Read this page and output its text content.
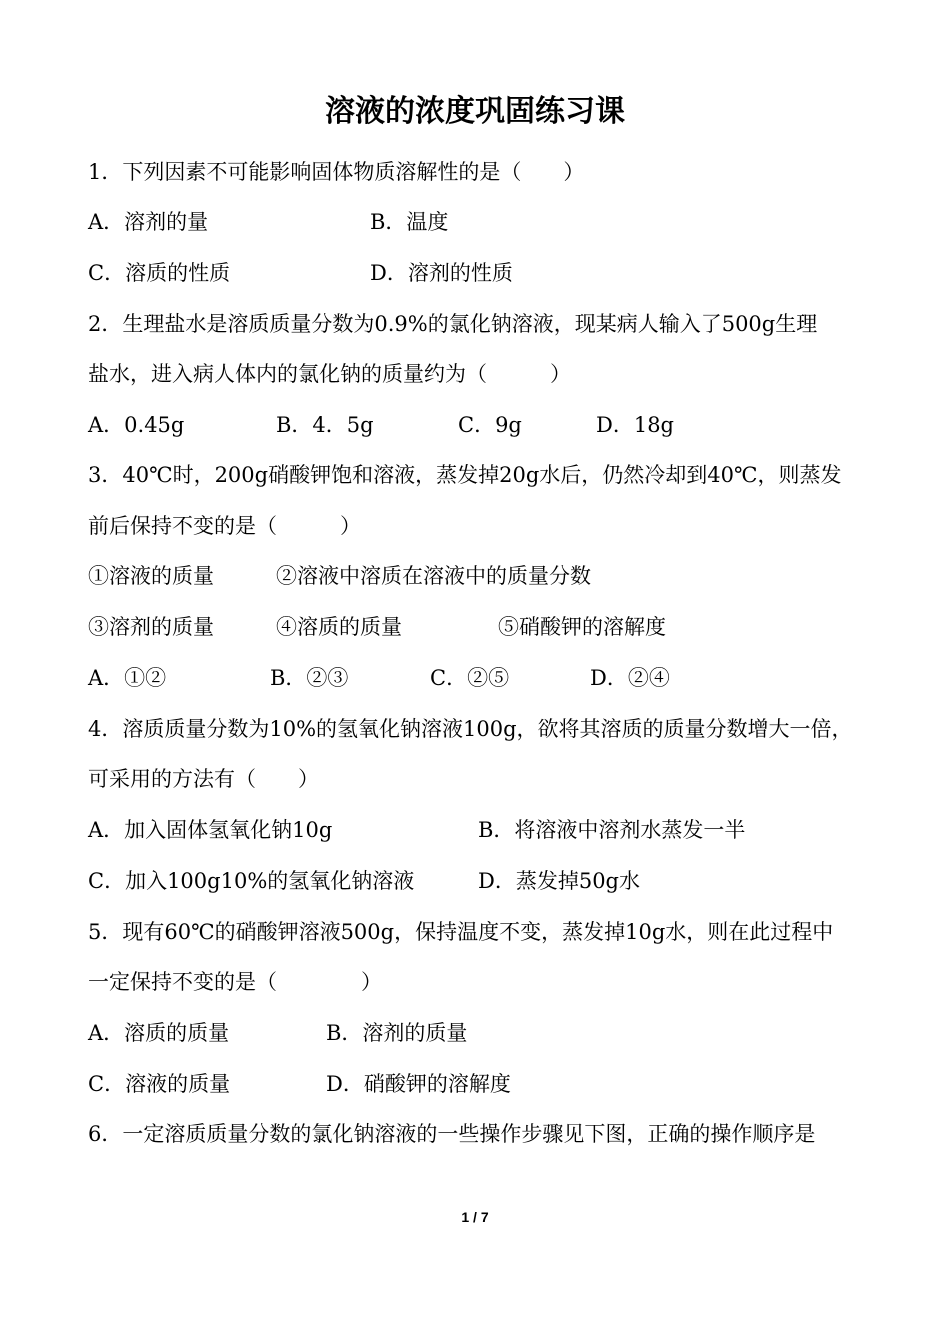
溶液的浓度巩固练习课
1．下列因素不可能影响固体物质溶解性的是（　　）
A．溶剂的量	B．温度
C．溶质的性质	D．溶剂的性质
2．生理盐水是溶质质量分数为0.9%的氯化钠溶液，现某病人输入了500g生理
盐水，进入病人体内的氯化钠的质量约为（　　　）
A．0.45g	B．4．5g	C．9g	D．18g
3．40℃时，200g硝酸钾饱和溶液，蒸发掉20g水后，仍然冷却到40℃，则蒸发
前后保持不变的是（　　　）
①溶液的质量	②溶液中溶质在溶液中的质量分数
③溶剂的质量	④溶质的质量	⑤硝酸钾的溶解度
A．①②	B．②③	C．②⑤	D．②④
4．溶质质量分数为10%的氢氧化钠溶液100g，欲将其溶质的质量分数增大一倍，
可采用的方法有（　　）
A．加入固体氢氧化钠10g	B．将溶液中溶剂水蒸发一半
C．加入100g10%的氢氧化钠溶液	D．蒸发掉50g水
5．现有60℃的硝酸钾溶液500g，保持温度不变，蒸发掉10g水，则在此过程中
一定保持不变的是（　　　　）
A．溶质的质量	B．溶剂的质量
C．溶液的质量	D．硝酸钾的溶解度
6．一定溶质质量分数的氯化钠溶液的一些操作步骤见下图，正确的操作顺序是
1 / 7
